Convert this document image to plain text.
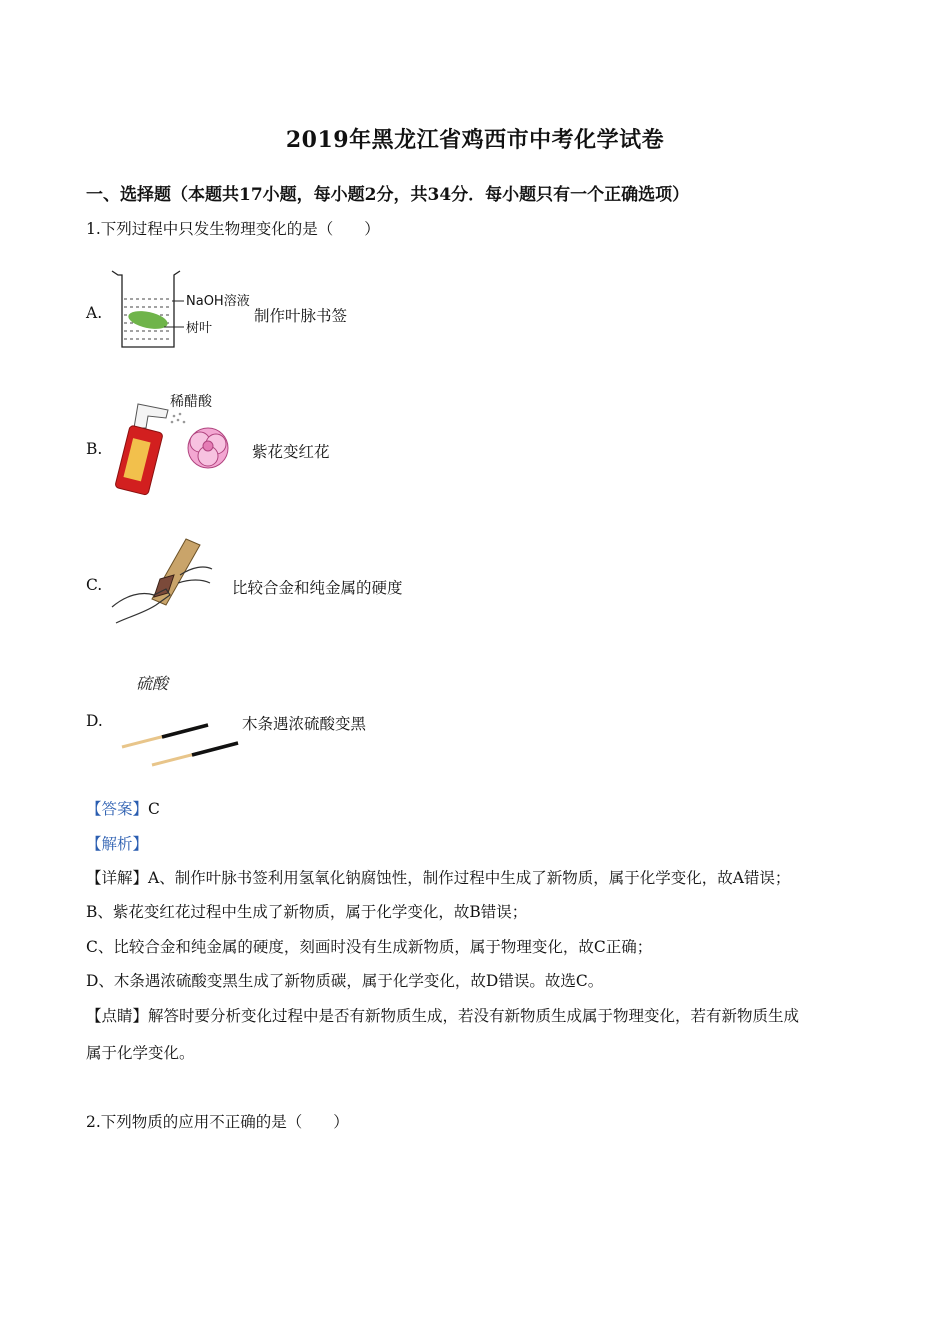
2019年黑龙江省鸡西市中考化学试卷
一、选择题（本题共17小题，每小题2分，共34分．每小题只有一个正确选项）
1.下列过程中只发生物理变化的是（　　）
A.
NaOH溶液
树叶
制作叶脉书签
B.
稀醋酸
紫花变红花
C.	比较合金和纯金属的硬度
D.
硫酸
木条遇浓硫酸变黑
【答案】C
【解析】
【详解】A、制作叶脉书签利用氢氧化钠腐蚀性，制作过程中生成了新物质，属于化学变化，故A错误；
B、紫花变红花过程中生成了新物质，属于化学变化，故B错误；
C、比较合金和纯金属的硬度，刻画时没有生成新物质，属于物理变化，故C正确；
D、木条遇浓硫酸变黑生成了新物质碳，属于化学变化，故D错误。故选C。
【点睛】解答时要分析变化过程中是否有新物质生成，若没有新物质生成属于物理变化，若有新物质生成
属于化学变化。
2.下列物质的应用不正确的是（　　）
